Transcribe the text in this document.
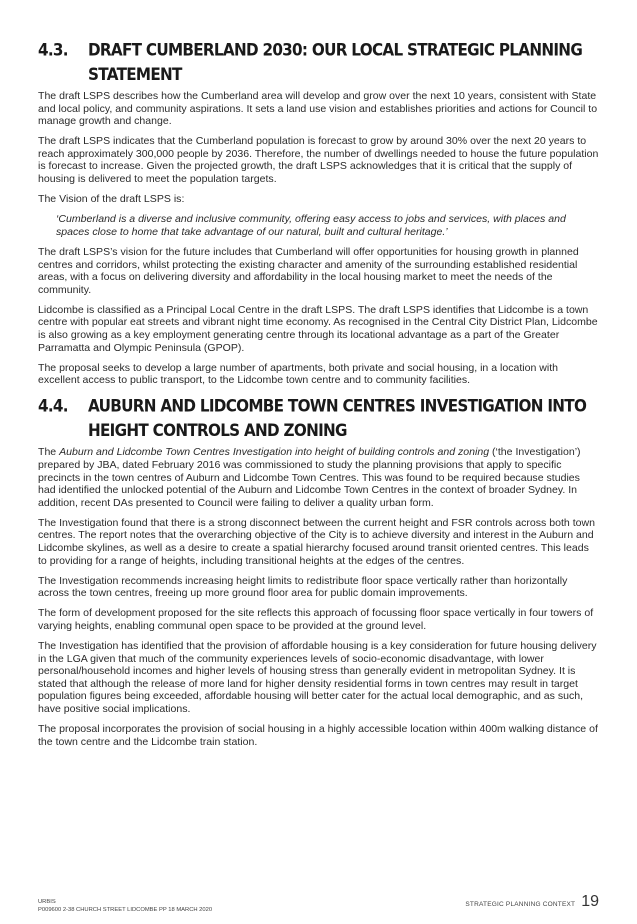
4.3.	DRAFT CUMBERLAND 2030: OUR LOCAL STRATEGIC PLANNING STATEMENT

The draft LSPS describes how the Cumberland area will develop and grow over the next 10 years, consistent with State and local policy, and community aspirations. It sets a land use vision and establishes priorities and actions for Council to manage growth and change.

The draft LSPS indicates that the Cumberland population is forecast to grow by around 30% over the next 20 years to reach approximately 300,000 people by 2036. Therefore, the number of dwellings needed to house the future population is forecast to increase. Given the projected growth, the draft LSPS acknowledges that it is critical that the supply of housing is delivered to meet the population targets.

The Vision of the draft LSPS is:

‘Cumberland is a diverse and inclusive community, offering easy access to jobs and services, with places and spaces close to home that take advantage of our natural, built and cultural heritage.’

The draft LSPS’s vision for the future includes that Cumberland will offer opportunities for housing growth in planned centres and corridors, whilst protecting the existing character and amenity of the surrounding established residential areas, with a focus on delivering diversity and affordability in the local housing market to meet the needs of the community.

Lidcombe is classified as a Principal Local Centre in the draft LSPS. The draft LSPS identifies that Lidcombe is a town centre with popular eat streets and vibrant night time economy. As recognised in the Central City District Plan, Lidcombe is also growing as a key employment generating centre through its locational advantage as a part of the Greater Parramatta and Olympic Peninsula (GPOP).

The proposal seeks to develop a large number of apartments, both private and social housing, in a location with excellent access to public transport, to the Lidcombe town centre and to community facilities.

4.4.	AUBURN AND LIDCOMBE TOWN CENTRES INVESTIGATION INTO HEIGHT CONTROLS AND ZONING

The Auburn and Lidcombe Town Centres Investigation into height of building controls and zoning (‘the Investigation’) prepared by JBA, dated February 2016 was commissioned to study the planning provisions that apply to specific precincts in the town centres of Auburn and Lidcombe Town Centres. This was found to be required because studies had identified the unlocked potential of the Auburn and Lidcombe Town Centres in the context of broader Sydney. In addition, recent DAs presented to Council were failing to deliver a quality urban form.

The Investigation found that there is a strong disconnect between the current height and FSR controls across both town centres. The report notes that the overarching objective of the City is to achieve diversity and interest in the Auburn and Lidcombe skylines, as well as a desire to create a spatial hierarchy focused around transit oriented centres. This leads to providing for a range of heights, including transitional heights at the edges of the centres.

The Investigation recommends increasing height limits to redistribute floor space vertically rather than horizontally across the town centres, freeing up more ground floor area for public domain improvements.

The form of development proposed for the site reflects this approach of focussing floor space vertically in four towers of varying heights, enabling communal open space to be provided at the ground level.

The Investigation has identified that the provision of affordable housing is a key consideration for future housing delivery in the LGA given that much of the community experiences levels of socio-economic disadvantage, with lower personal/household incomes and higher levels of housing stress than generally evident in metropolitan Sydney. It is stated that although the release of more land for higher density residential forms in town centres may result in target population figures being exceeded, affordable housing will better cater for the actual local demographic, and as such, have positive social implications.

The proposal incorporates the provision of social housing in a highly accessible location within 400m walking distance of the town centre and the Lidcombe train station.

URBIS
P009600 2-38 CHURCH STREET LIDCOMBE PP 18 MARCH 2020
STRATEGIC PLANNING CONTEXT 19
